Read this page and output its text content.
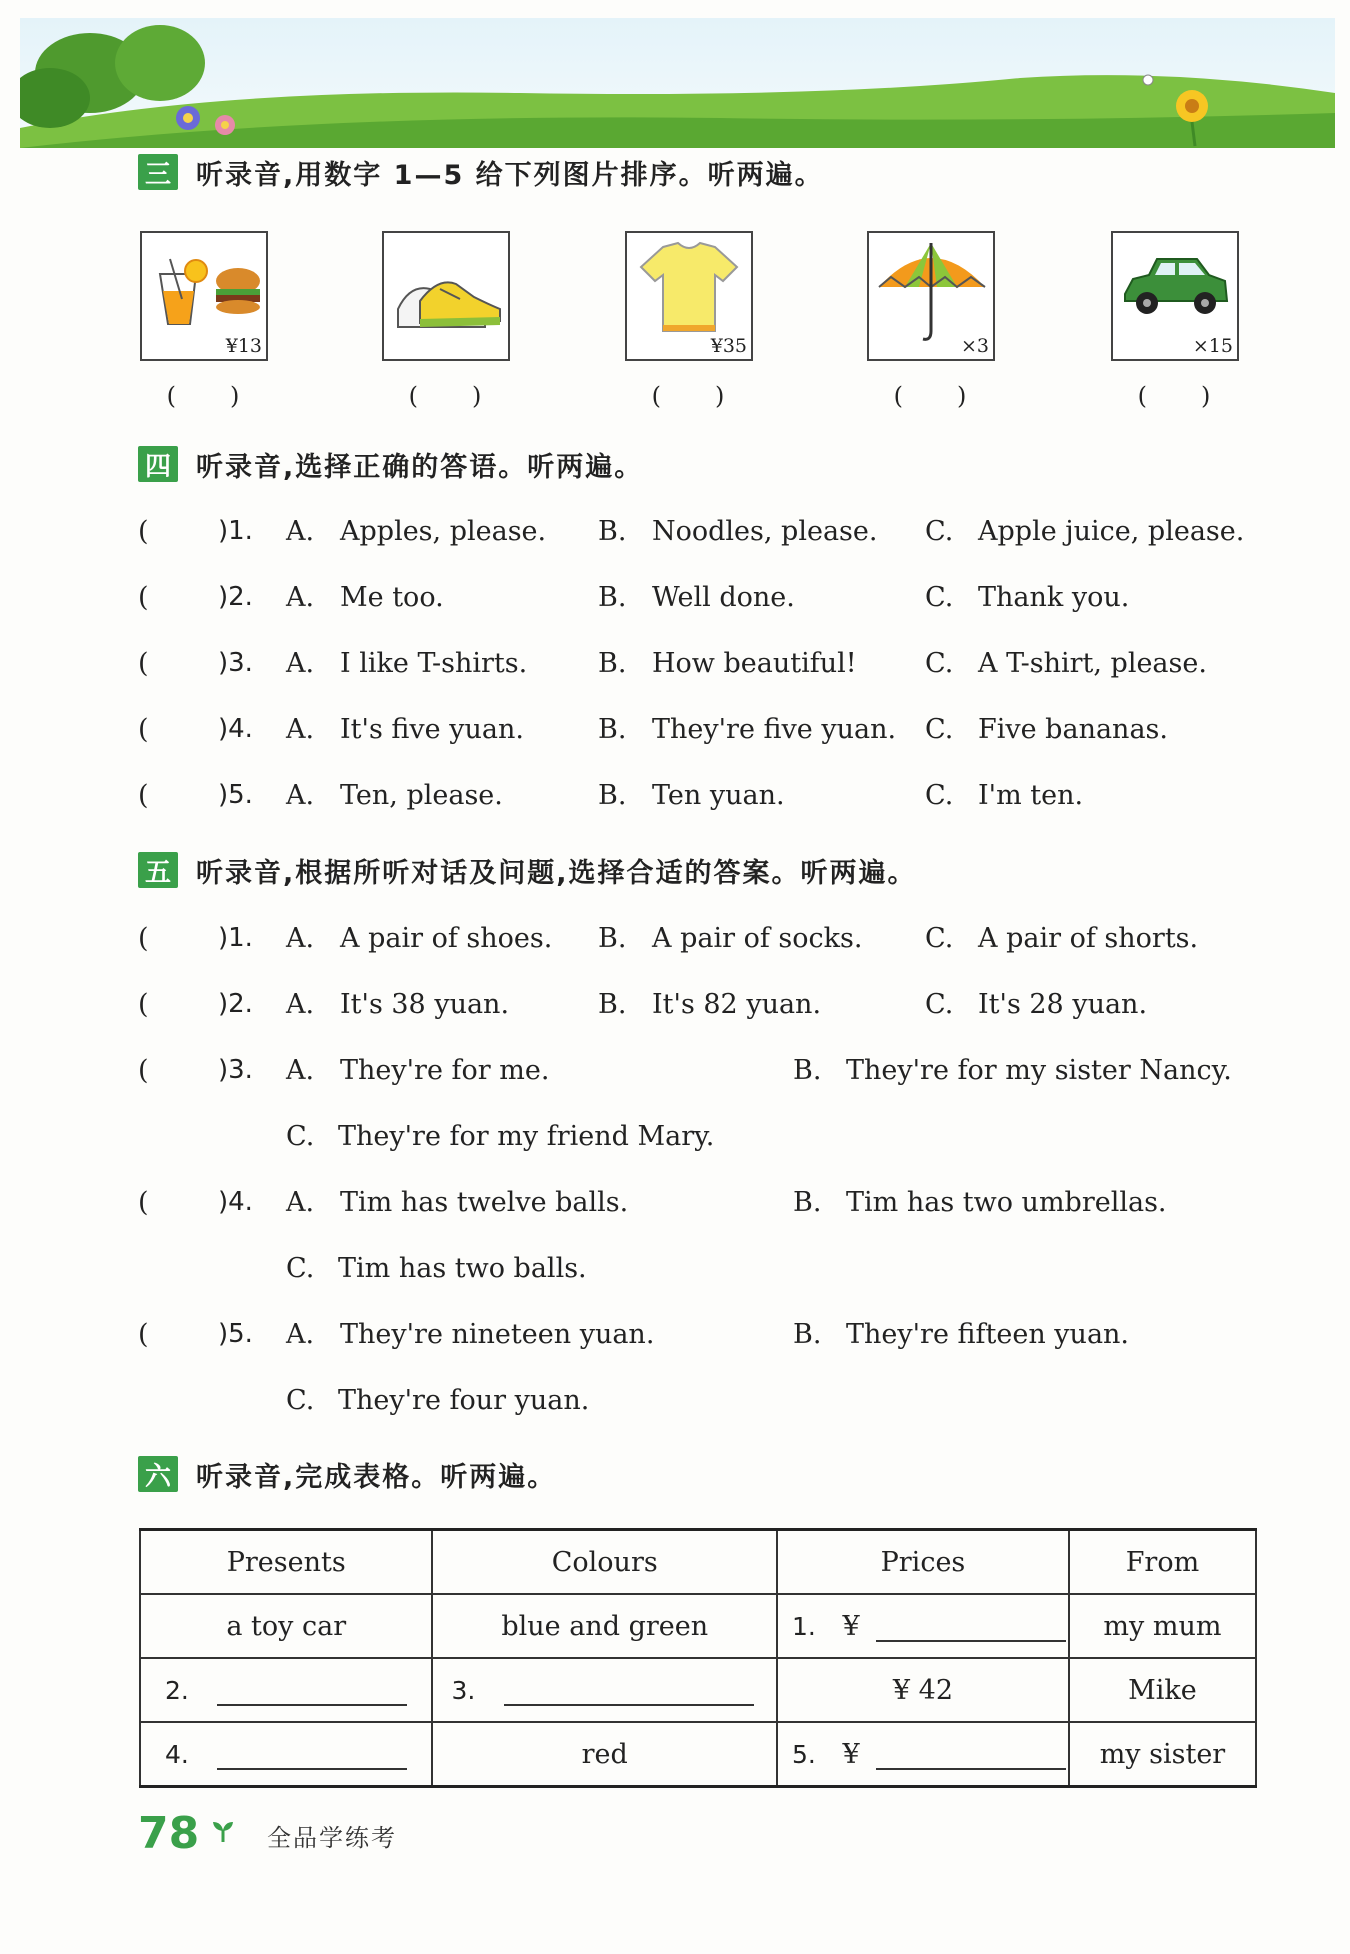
三 听录音,用数字 1—5 给下列图片排序。听两遍。
¥13	¥35	×3	×15
(　　)	(　　)	(　　)	(　　)	(　　)
四 听录音,选择正确的答语。听两遍。
(	)1. A. Apples, please. B. Noodles, please. C. Apple juice, please.
(	)2. A. Me too.	B. Well done.	C. Thank you.
(	)3. A. I like T-shirts.	B. How beautiful!	C. A T-shirt, please.
(	)4. A. It's five yuan.	B. They're five yuan. C. Five bananas.
(	)5. A. Ten, please.	B. Ten yuan.	C. I'm ten.
五 听录音,根据所听对话及问题,选择合适的答案。听两遍。
(	)1. A. A pair of shoes. B. A pair of socks. C. A pair of shorts.
(	)2. A. It's 38 yuan.	B. It's 82 yuan.	C. It's 28 yuan.
(	)3. A. They're for me.	B. They're for my sister Nancy.
C. They're for my friend Mary.
(	)4. A. Tim has twelve balls.	B. Tim has two umbrellas.
C. Tim has two balls.
(	)5. A. They're nineteen yuan.	B. They're fifteen yuan.
C. They're four yuan.
六 听录音,完成表格。听两遍。
Presents	Colours	Prices	From
a toy car	blue and green	1. ¥	my mum
2.	3.	¥ 42	Mike
4.	red	5. ¥	my sister
78	全品学练考
